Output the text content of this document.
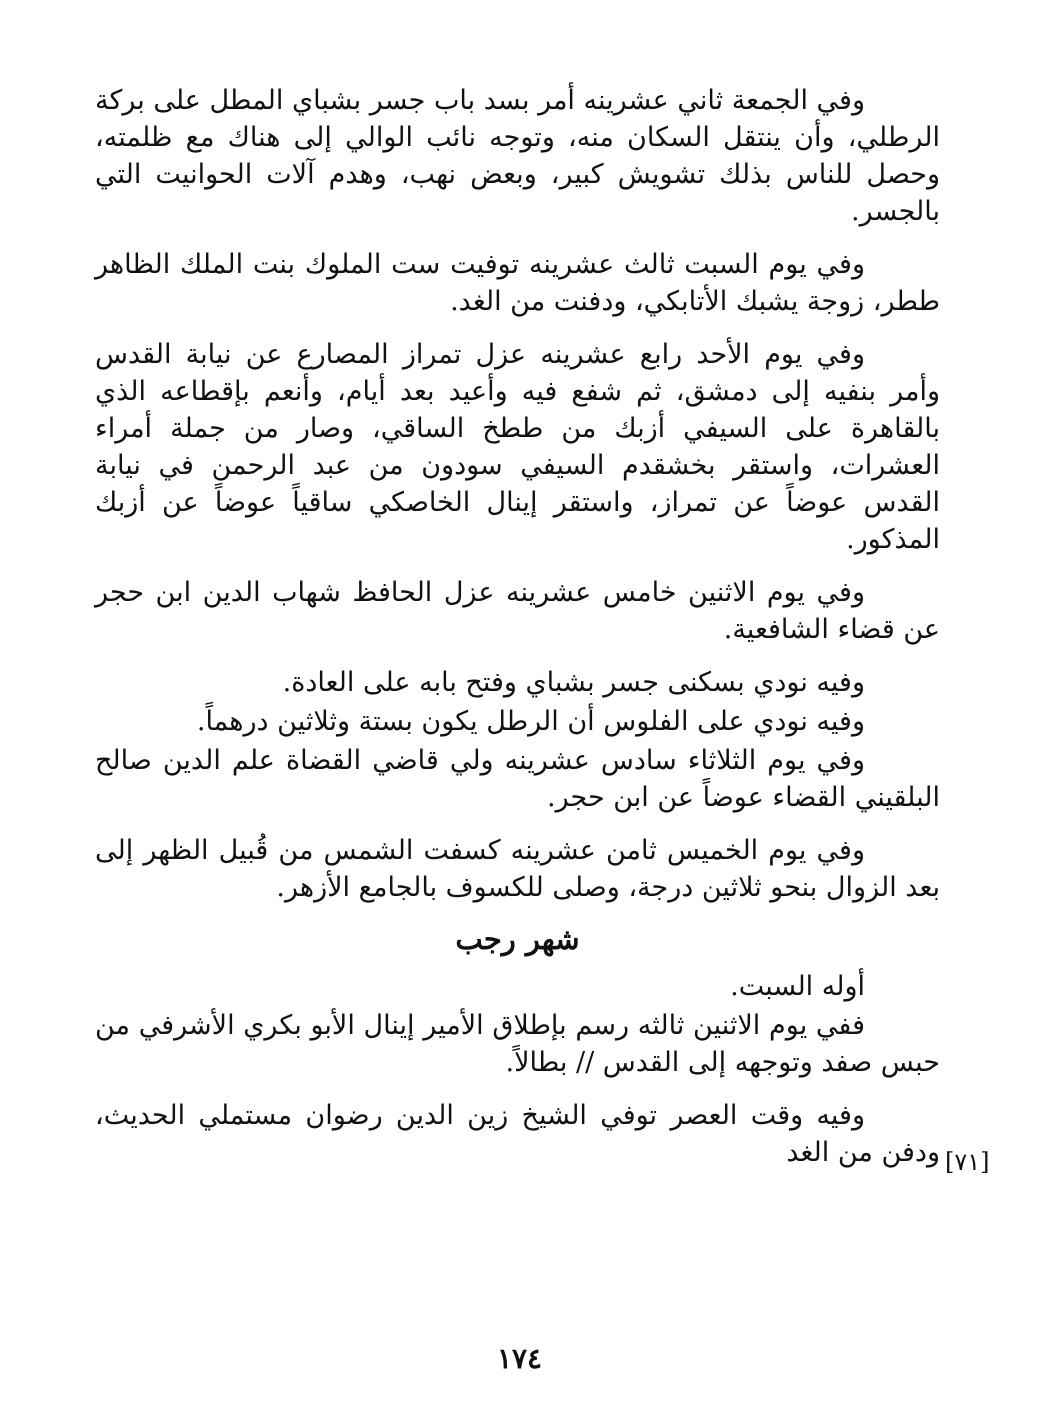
وفي الجمعة ثاني عشرينه أمر بسد باب جسر بشباي المطل على بركة الرطلي، وأن ينتقل السكان منه، وتوجه نائب الوالي إلى هناك مع ظلمته، وحصل للناس بذلك تشويش كبير، وبعض نهب، وهدم آلات الحوانيت التي بالجسر.

وفي يوم السبت ثالث عشرينه توفيت ست الملوك بنت الملك الظاهر ططر، زوجة يشبك الأتابكي، ودفنت من الغد.

وفي يوم الأحد رابع عشرينه عزل تمراز المصارع عن نيابة القدس وأمر بنفيه إلى دمشق، ثم شفع فيه وأعيد بعد أيام، وأنعم بإقطاعه الذي بالقاهرة على السيفي أزبك من ططخ الساقي، وصار من جملة أمراء العشرات، واستقر بخشقدم السيفي سودون من عبد الرحمن في نيابة القدس عوضاً عن تمراز، واستقر إينال الخاصكي ساقياً عوضاً عن أزبك المذكور.

وفي يوم الاثنين خامس عشرينه عزل الحافظ شهاب الدين ابن حجر عن قضاء الشافعية.

وفيه نودي بسكنى جسر بشباي وفتح بابه على العادة.

وفيه نودي على الفلوس أن الرطل يكون بستة وثلاثين درهماً.

وفي يوم الثلاثاء سادس عشرينه ولي قاضي القضاة علم الدين صالح البلقيني القضاء عوضاً عن ابن حجر.

وفي يوم الخميس ثامن عشرينه كسفت الشمس من قُبيل الظهر إلى بعد الزوال بنحو ثلاثين درجة، وصلى للكسوف بالجامع الأزهر.

شهر رجب

أوله السبت.

ففي يوم الاثنين ثالثه رسم بإطلاق الأمير إينال الأبو بكري الأشرفي من حبس صفد وتوجهه إلى القدس // بطالاً.

وفيه وقت العصر توفي الشيخ زين الدين رضوان مستملي الحديث، ودفن من الغد [٧١]
١٧٤
